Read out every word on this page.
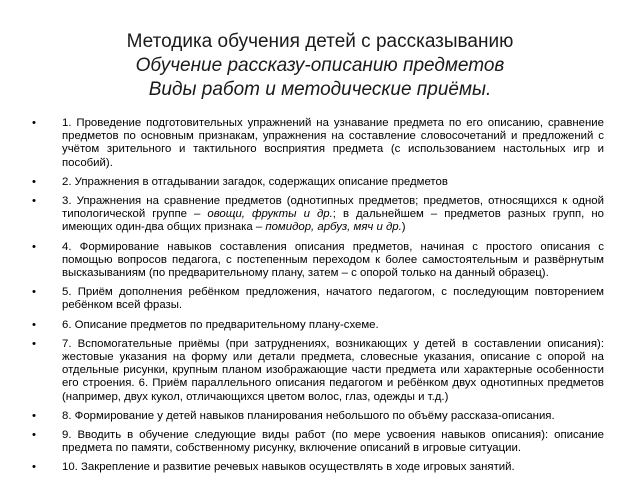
Методика обучения детей с рассказыванию
Обучение рассказу-описанию предметов
Виды работ и методические приёмы.
•	1. Проведение подготовительных упражнений на узнавание предмета по его описанию, сравнение предметов по основным признакам, упражнения на составление словосочетаний и предложений с учётом зрительного и тактильного восприятия предмета (с использованием настольных игр и пособий).
•	2. Упражнения в отгадывании загадок, содержащих описание предметов
•	3. Упражнения на сравнение предметов (однотипных предметов; предметов, относящихся к одной типологической группе – овощи, фрукты и др.; в дальнейшем – предметов разных групп, но имеющих один-два общих признака – помидор, арбуз, мяч и др.)
•	4. Формирование навыков составления описания предметов, начиная с простого описания с помощью вопросов педагога, с постепенным переходом к более самостоятельным и развёрнутым высказываниям (по предварительному плану, затем – с опорой только на данный образец).
•	5. Приём дополнения ребёнком предложения, начатого педагогом, с последующим повторением ребёнком всей фразы.
•	6. Описание предметов по предварительному плану-схеме.
•	7. Вспомогательные приёмы (при затруднениях, возникающих у детей в составлении описания): жестовые указания на форму или детали предмета, словесные указания, описание с опорой на отдельные рисунки, крупным планом изображающие части предмета или характерные особенности его строения. 6. Приём параллельного описания педагогом и ребёнком двух однотипных предметов (например, двух кукол, отличающихся цветом волос, глаз, одежды и т.д.)
•	8. Формирование у детей навыков планирования небольшого по объёму рассказа-описания.
•	9. Вводить в обучение следующие виды работ (по мере усвоения навыков описания): описание предмета по памяти, собственному рисунку, включение описаний в игровые ситуации.
•	10. Закрепление и развитие речевых навыков осуществлять в ходе игровых занятий.
